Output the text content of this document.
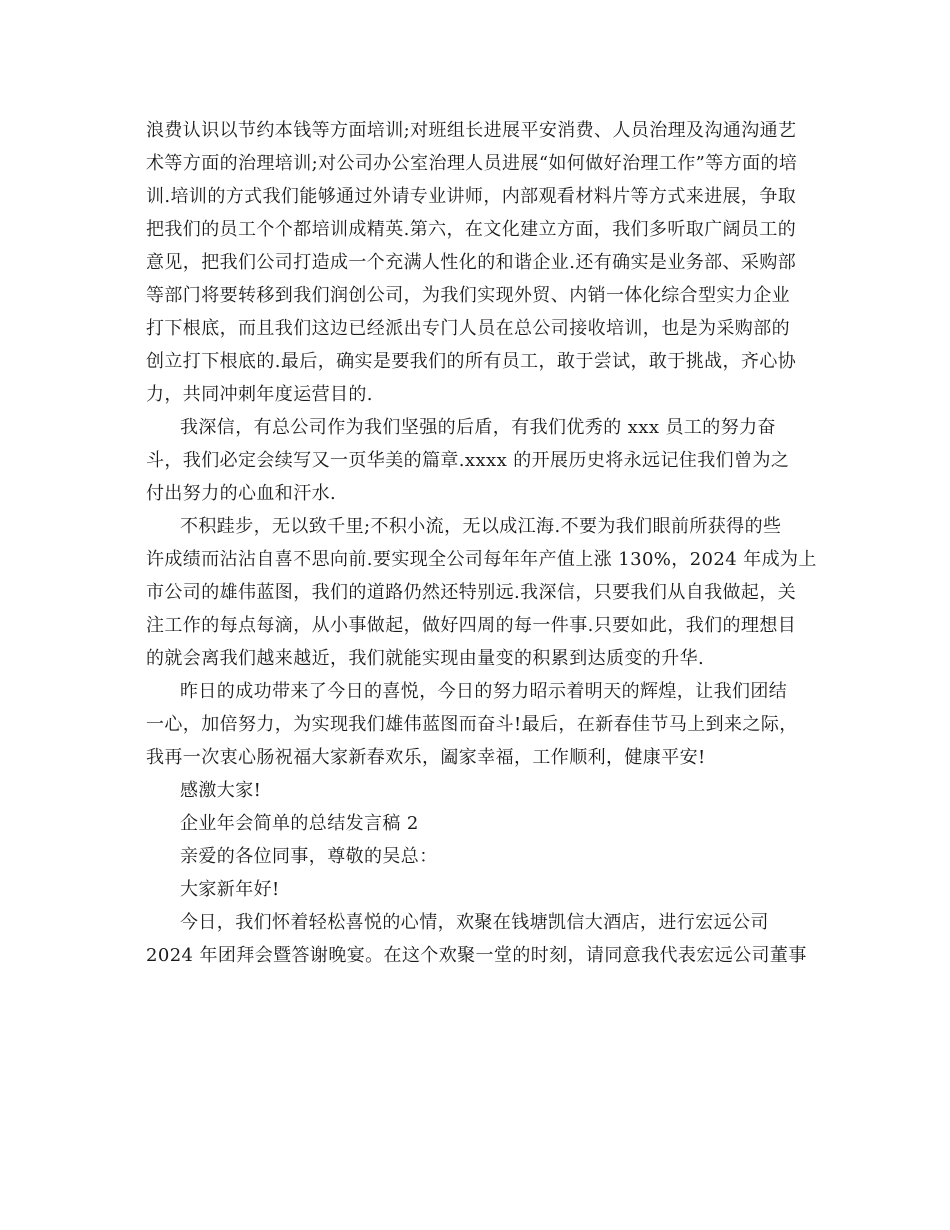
浪费认识以节约本钱等方面培训;对班组长进展平安消费、人员治理及沟通沟通艺
术等方面的治理培训;对公司办公室治理人员进展“如何做好治理工作”等方面的培
训.培训的方式我们能够通过外请专业讲师，内部观看材料片等方式来进展，争取
把我们的员工个个都培训成精英.第六，在文化建立方面，我们多听取广阔员工的
意见，把我们公司打造成一个充满人性化的和谐企业.还有确实是业务部、采购部
等部门将要转移到我们润创公司，为我们实现外贸、内销一体化综合型实力企业
打下根底，而且我们这边已经派出专门人员在总公司接收培训，也是为采购部的
创立打下根底的.最后，确实是要我们的所有员工，敢于尝试，敢于挑战，齐心协
力，共同冲刺年度运营目的.
我深信，有总公司作为我们坚强的后盾，有我们优秀的 xxx 员工的努力奋
斗，我们必定会续写又一页华美的篇章.xxxx 的开展历史将永远记住我们曾为之
付出努力的心血和汗水.
不积跬步，无以致千里;不积小流，无以成江海.不要为我们眼前所获得的些
许成绩而沾沾自喜不思向前.要实现全公司每年年产值上涨 130%，2024 年成为上
市公司的雄伟蓝图，我们的道路仍然还特别远.我深信，只要我们从自我做起，关
注工作的每点每滴，从小事做起，做好四周的每一件事.只要如此，我们的理想目
的就会离我们越来越近，我们就能实现由量变的积累到达质变的升华.
昨日的成功带来了今日的喜悦，今日的努力昭示着明天的辉煌，让我们团结
一心，加倍努力，为实现我们雄伟蓝图而奋斗!最后，在新春佳节马上到来之际，
我再一次衷心肠祝福大家新春欢乐，阖家幸福，工作顺利，健康平安!
感激大家!
企业年会简单的总结发言稿 2
亲爱的各位同事，尊敬的吴总：
大家新年好!
今日，我们怀着轻松喜悦的心情，欢聚在钱塘凯信大酒店，进行宏远公司
2024 年团拜会暨答谢晚宴。在这个欢聚一堂的时刻，请同意我代表宏远公司董事
